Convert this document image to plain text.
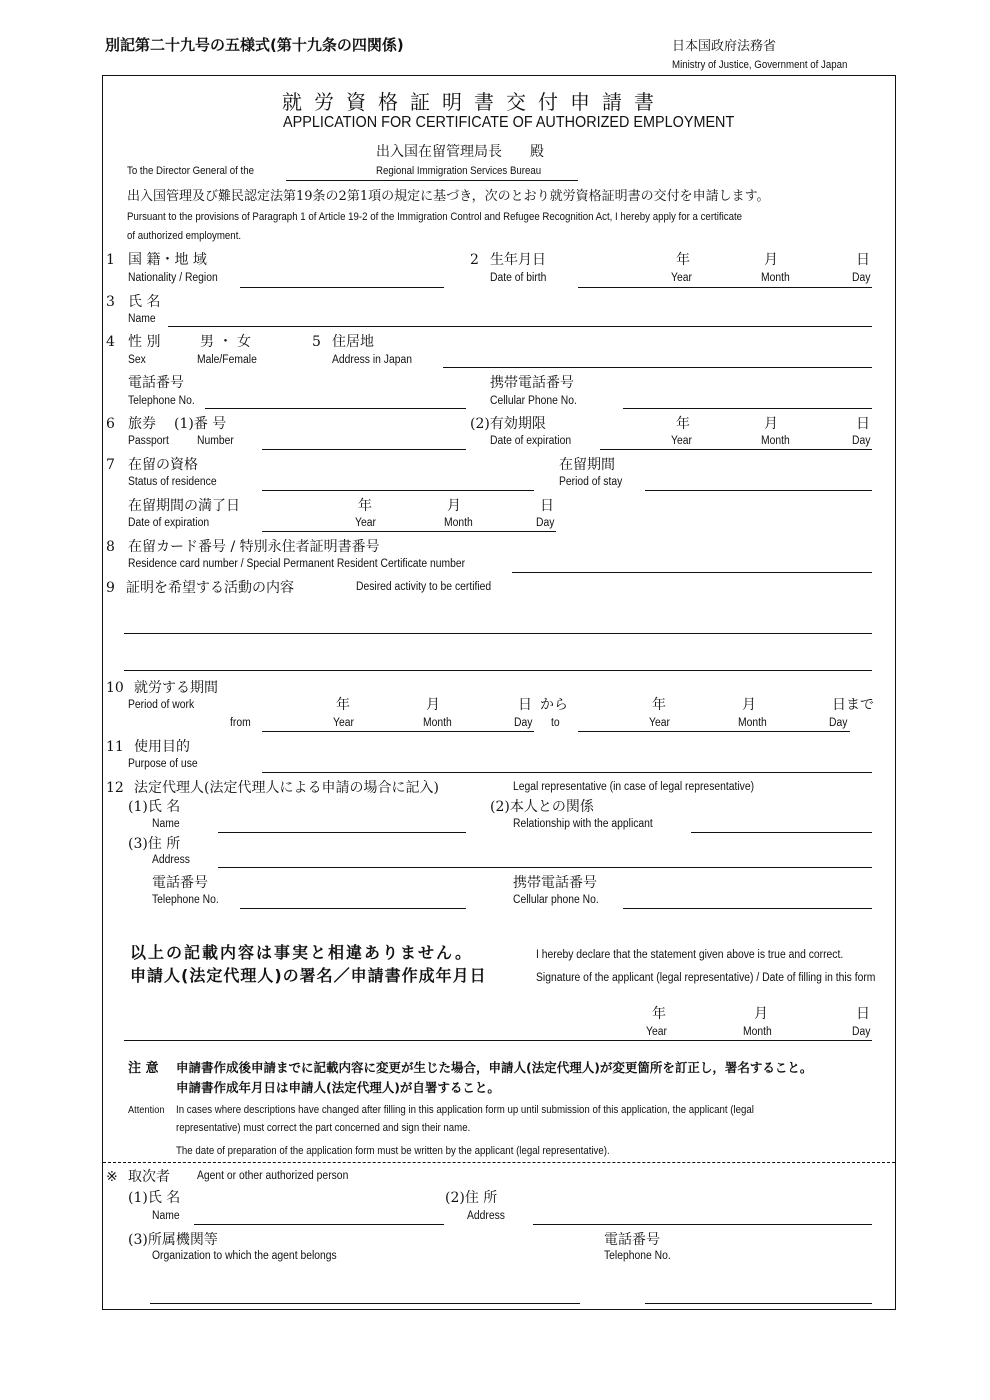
別記第二十九号の五様式(第十九条の四関係)	日本国政府法務省
Ministry of Justice, Government of Japan
就労資格証明書交付申請書
APPLICATION FOR CERTIFICATE OF AUTHORIZED EMPLOYMENT
出入国在留管理局長　　殿
To the Director General of the	Regional Immigration Services Bureau
出入国管理及び難民認定法第19条の2第1項の規定に基づき，次のとおり就労資格証明書の交付を申請します。
Pursuant to the provisions of Paragraph 1 of Article 19-2 of the Immigration Control and Refugee Recognition Act, I hereby apply for a certificate
of authorized employment.
1 国 籍・地 域
Nationality / Region
2 生年月日
Date of birth
年	月	日
Year	Month	Day
3 氏 名
Name
4 性 別	男 ・ 女
Sex	Male/Female
5 住居地
Address in Japan
電話番号
Telephone No.
携帯電話番号
Cellular Phone No.
6 旅券 (1)番 号
Passport Number
(2)有効期限
Date of expiration
年	月	日
Year	Month	Day
7 在留の資格
Status of residence
在留期間
Period of stay
在留期間の満了日
Date of expiration
年	月	日
Year	Month	Day
8 在留カード番号 / 特別永住者証明書番号
Residence card number / Special Permanent Resident Certificate number
9 証明を希望する活動の内容	Desired activity to be certified
10 就労する期間
Period of work	年	月	日 から	年	月	日まで
from	Year	Month	Day to	Year	Month	Day
11 使用目的
Purpose of use
12 法定代理人(法定代理人による申請の場合に記入)	Legal representative (in case of legal representative)
(1)氏 名
Name
(2)本人との関係
Relationship with the applicant
(3)住 所
Address
電話番号
Telephone No.
携帯電話番号
Cellular phone No.
以上の記載内容は事実と相違ありません。	I hereby declare that the statement given above is true and correct.
申請人(法定代理人)の署名／申請書作成年月日	Signature of the applicant (legal representative) / Date of filling in this form
年	月	日
Year	Month	Day
注 意 申請書作成後申請までに記載内容に変更が生じた場合，申請人(法定代理人)が変更箇所を訂正し，署名すること。
申請書作成年月日は申請人(法定代理人)が自署すること。
Attention In cases where descriptions have changed after filling in this application form up until submission of this application, the applicant (legal
representative) must correct the part concerned and sign their name.
The date of preparation of the application form must be written by the applicant (legal representative).
※ 取次者 Agent or other authorized person
(1)氏 名
Name
(2)住 所
Address
(3)所属機関等
Organization to which the agent belongs
電話番号
Telephone No.
